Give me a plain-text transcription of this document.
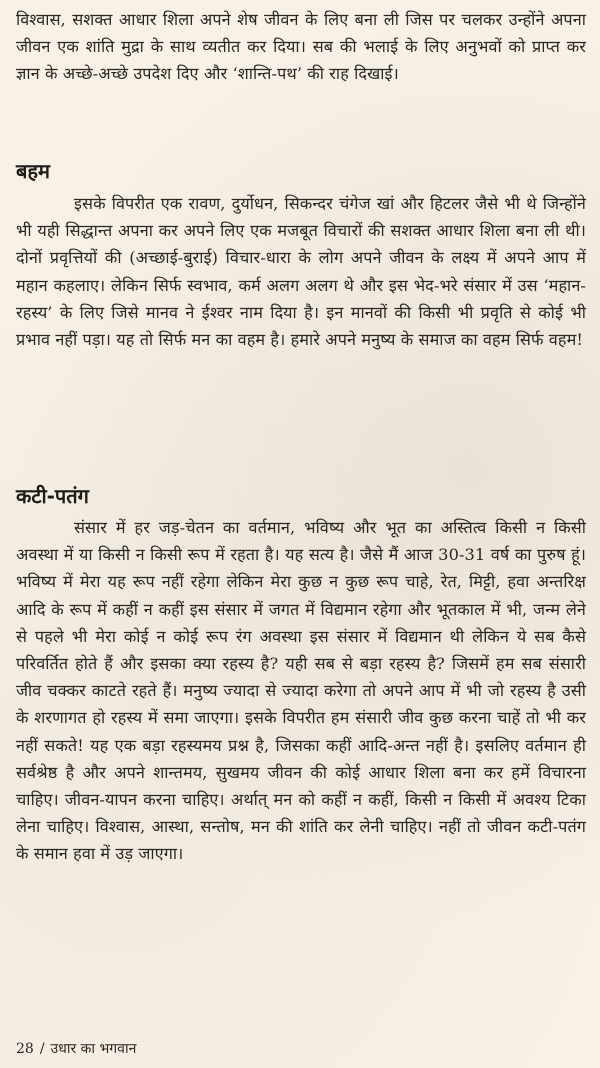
विश्वास, सशक्त आधार शिला अपने शेष जीवन के लिए बना ली जिस पर चलकर उन्होंने अपना जीवन एक शांति मुद्रा के साथ व्यतीत कर दिया। सब की भलाई के लिए अनुभवों को प्राप्त कर ज्ञान के अच्छे-अच्छे उपदेश दिए और ‘शान्ति-पथ’ की राह दिखाई।

बहम

इसके विपरीत एक रावण, दुर्योधन, सिकन्दर चंगेज खां और हिटलर जैसे भी थे जिन्होंने भी यही सिद्धान्त अपना कर अपने लिए एक मजबूत विचारों की सशक्त आधार शिला बना ली थी। दोनों प्रवृत्तियों की (अच्छाई-बुराई) विचार-धारा के लोग अपने जीवन के लक्ष्य में अपने आप में महान कहलाए। लेकिन सिर्फ स्वभाव, कर्म अलग अलग थे और इस भेद-भरे संसार में उस ‘महान-रहस्य’ के लिए जिसे मानव ने ईश्वर नाम दिया है। इन मानवों की किसी भी प्रवृति से कोई भी प्रभाव नहीं पड़ा। यह तो सिर्फ मन का वहम है। हमारे अपने मनुष्य के समाज का वहम सिर्फ वहम!

कटी-पतंग

संसार में हर जड़-चेतन का वर्तमान, भविष्य और भूत का अस्तित्व किसी न किसी अवस्था में या किसी न किसी रूप में रहता है। यह सत्य है। जैसे मैं आज 30-31 वर्ष का पुरुष हूं। भविष्य में मेरा यह रूप नहीं रहेगा लेकिन मेरा कुछ न कुछ रूप चाहे, रेत, मिट्टी, हवा अन्तरिक्ष आदि के रूप में कहीं न कहीं इस संसार में जगत में विद्यमान रहेगा और भूतकाल में भी, जन्म लेने से पहले भी मेरा कोई न कोई रूप रंग अवस्था इस संसार में विद्यमान थी लेकिन ये सब कैसे परिवर्तित होते हैं और इसका क्या रहस्य है? यही सब से बड़ा रहस्य है? जिसमें हम सब संसारी जीव चक्कर काटते रहते हैं। मनुष्य ज्यादा से ज्यादा करेगा तो अपने आप में भी जो रहस्य है उसी के शरणागत हो रहस्य में समा जाएगा। इसके विपरीत हम संसारी जीव कुछ करना चाहें तो भी कर नहीं सकते! यह एक बड़ा रहस्यमय प्रश्न है, जिसका कहीं आदि-अन्त नहीं है। इसलिए वर्तमान ही सर्वश्रेष्ठ है और अपने शान्तमय, सुखमय जीवन की कोई आधार शिला बना कर हमें विचारना चाहिए। जीवन-यापन करना चाहिए। अर्थात् मन को कहीं न कहीं, किसी न किसी में अवश्य टिका लेना चाहिए। विश्वास, आस्था, सन्तोष, मन की शांति कर लेनी चाहिए। नहीं तो जीवन कटी-पतंग के समान हवा में उड़ जाएगा।

28 / उधार का भगवान
